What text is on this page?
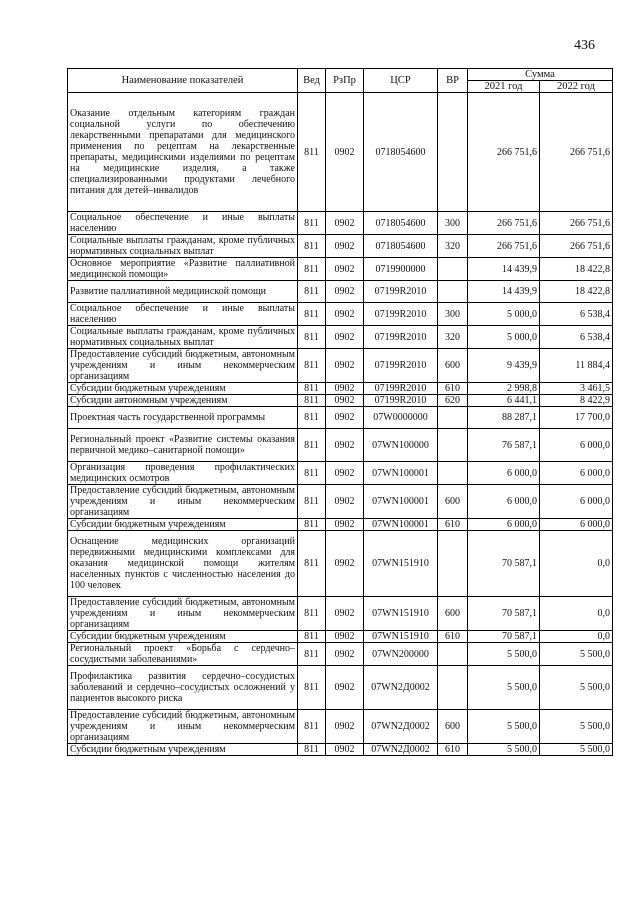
436
Наименование показателей	Вед	РзПр	ЦСР	ВР	Сумма	
					2021 год	2022 год
Оказание отдельным категориям граждан социальной услуги по обеспечению лекарственными препаратами для медицинского применения по рецептам на лекарственные препараты, медицинскими изделиями по рецептам на медицинские изделия, а также специализированными продуктами лечебного питания для детей–инвалидов	811	0902	0718054600		266 751,6	266 751,6
Социальное обеспечение и иные выплаты населению	811	0902	0718054600	300	266 751,6	266 751,6
Социальные выплаты гражданам, кроме публичных нормативных социальных выплат	811	0902	0718054600	320	266 751,6	266 751,6
Основное мероприятие «Развитие паллиативной медицинской помощи»	811	0902	0719900000		14 439,9	18 422,8
Развитие паллиативной медицинской помощи	811	0902	07199R2010		14 439,9	18 422,8
Социальное обеспечение и иные выплаты населению	811	0902	07199R2010	300	5 000,0	6 538,4
Социальные выплаты гражданам, кроме публичных нормативных социальных выплат	811	0902	07199R2010	320	5 000,0	6 538,4
Предоставление субсидий бюджетным, автономным учреждениям и иным некоммерческим организациям	811	0902	07199R2010	600	9 439,9	11 884,4
Субсидии бюджетным учреждениям	811	0902	07199R2010	610	2 998,8	3 461,5
Субсидии автономным учреждениям	811	0902	07199R2010	620	6 441,1	8 422,9
Проектная часть государственной программы	811	0902	07W0000000		88 287,1	17 700,0
Региональный проект «Развитие системы оказания первичной медико–санитарной помощи»	811	0902	07WN100000		76 587,1	6 000,0
Организация проведения профилактических медицинских осмотров	811	0902	07WN100001		6 000,0	6 000,0
Предоставление субсидий бюджетным, автономным учреждениям и иным некоммерческим организациям	811	0902	07WN100001	600	6 000,0	6 000,0
Субсидии бюджетным учреждениям	811	0902	07WN100001	610	6 000,0	6 000,0
Оснащение медицинских организаций передвижными медицинскими комплексами для оказания медицинской помощи жителям населенных пунктов с численностью населения до 100 человек	811	0902	07WN151910		70 587,1	0,0
Предоставление субсидий бюджетным, автономным учреждениям и иным некоммерческим организациям	811	0902	07WN151910	600	70 587,1	0,0
Субсидии бюджетным учреждениям	811	0902	07WN151910	610	70 587,1	0,0
Региональный проект «Борьба с сердечно–сосудистыми заболеваниями»	811	0902	07WN200000		5 500,0	5 500,0
Профилактика развития сердечно–сосудистых заболеваний и сердечно–сосудистых осложнений у пациентов высокого риска	811	0902	07WN2Д0002		5 500,0	5 500,0
Предоставление субсидий бюджетным, автономным учреждениям и иным некоммерческим организациям	811	0902	07WN2Д0002	600	5 500,0	5 500,0
Субсидии бюджетным учреждениям	811	0902	07WN2Д0002	610	5 500,0	5 500,0
